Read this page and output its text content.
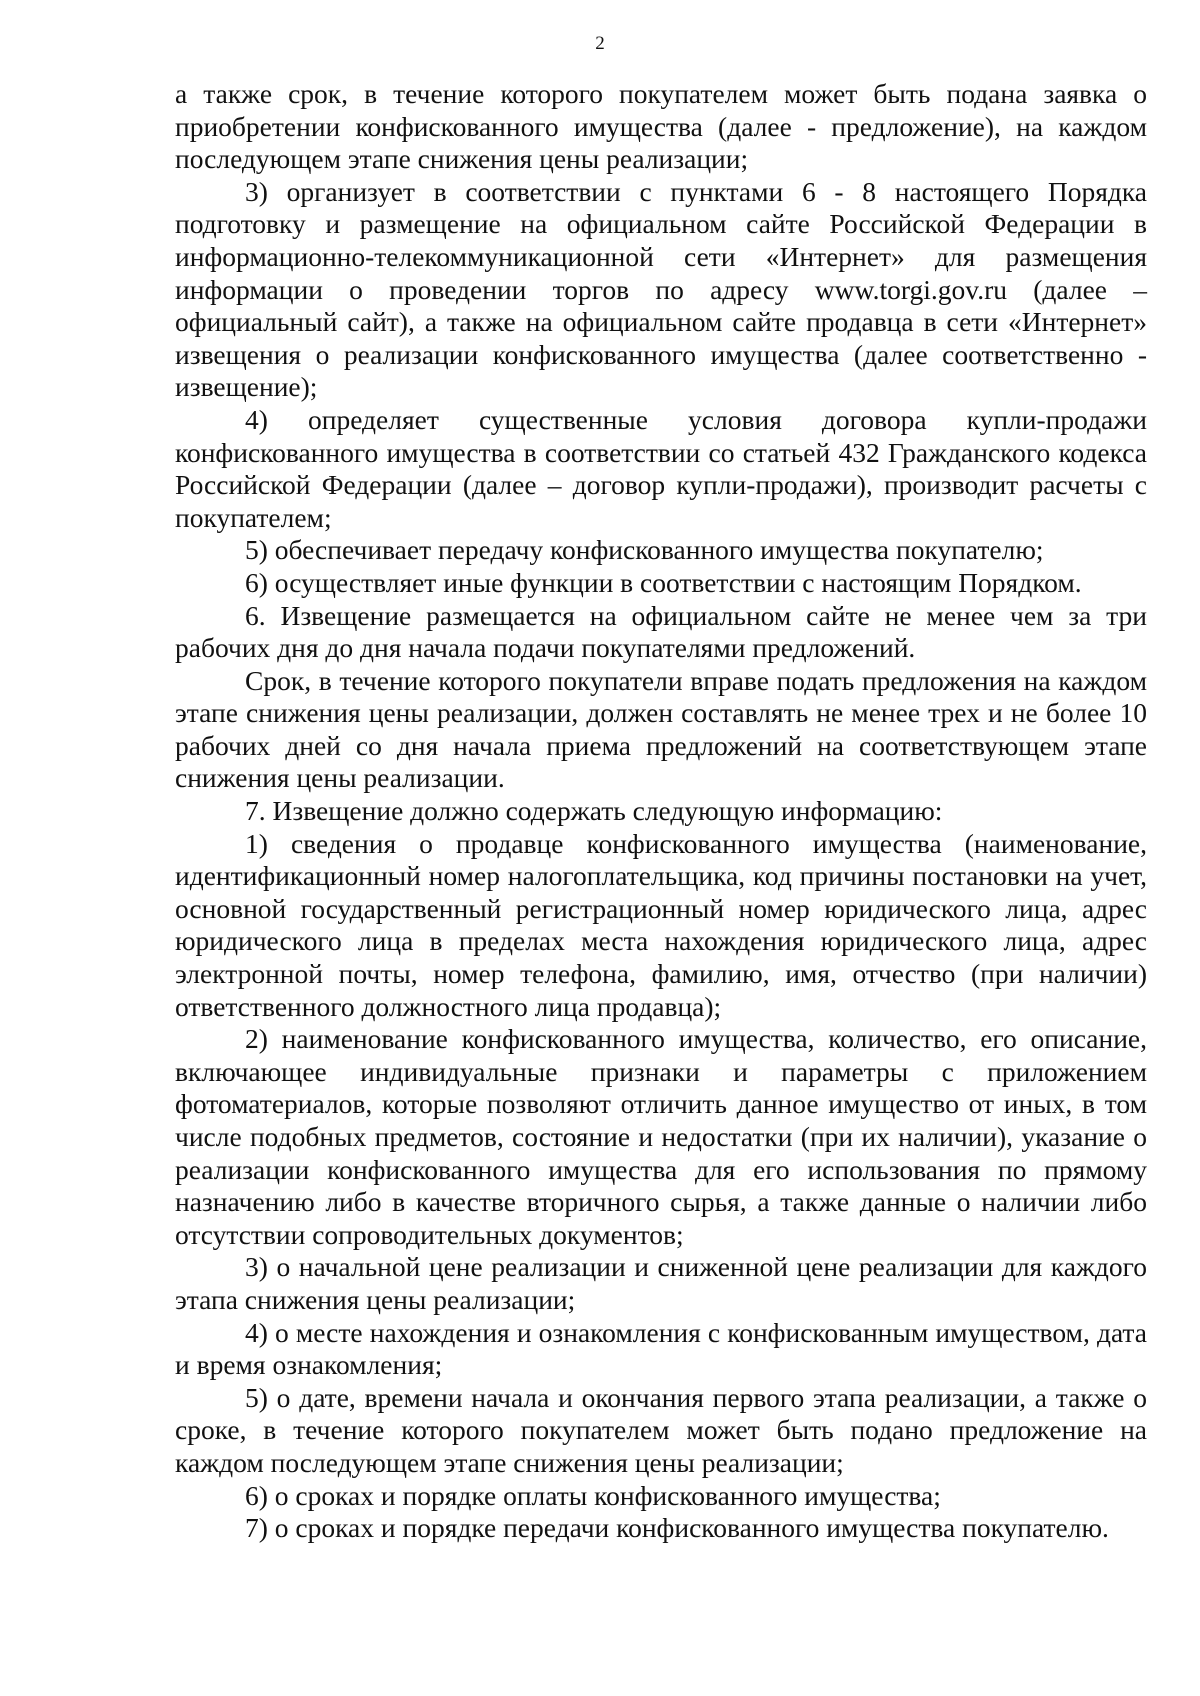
2

а также срок, в течение которого покупателем может быть подана заявка о приобретении конфискованного имущества (далее - предложение), на каждом последующем этапе снижения цены реализации;

3) организует в соответствии с пунктами 6 - 8 настоящего Порядка подготовку и размещение на официальном сайте Российской Федерации в информационно-телекоммуникационной сети «Интернет» для размещения информации о проведении торгов по адресу www.torgi.gov.ru (далее – официальный сайт), а также на официальном сайте продавца в сети «Интернет» извещения о реализации конфискованного имущества (далее соответственно - извещение);

4) определяет существенные условия договора купли-продажи конфискованного имущества в соответствии со статьей 432 Гражданского кодекса Российской Федерации (далее – договор купли-продажи), производит расчеты с покупателем;

5) обеспечивает передачу конфискованного имущества покупателю;

6) осуществляет иные функции в соответствии с настоящим Порядком.

6. Извещение размещается на официальном сайте не менее чем за три рабочих дня до дня начала подачи покупателями предложений.

Срок, в течение которого покупатели вправе подать предложения на каждом этапе снижения цены реализации, должен составлять не менее трех и не более 10 рабочих дней со дня начала приема предложений на соответствующем этапе снижения цены реализации.

7. Извещение должно содержать следующую информацию:

1) сведения о продавце конфискованного имущества (наименование, идентификационный номер налогоплательщика, код причины постановки на учет, основной государственный регистрационный номер юридического лица, адрес юридического лица в пределах места нахождения юридического лица, адрес электронной почты, номер телефона, фамилию, имя, отчество (при наличии) ответственного должностного лица продавца);

2) наименование конфискованного имущества, количество, его описание, включающее индивидуальные признаки и параметры с приложением фотоматериалов, которые позволяют отличить данное имущество от иных, в том числе подобных предметов, состояние и недостатки (при их наличии), указание о реализации конфискованного имущества для его использования по прямому назначению либо в качестве вторичного сырья, а также данные о наличии либо отсутствии сопроводительных документов;

3) о начальной цене реализации и сниженной цене реализации для каждого этапа снижения цены реализации;

4) о месте нахождения и ознакомления с конфискованным имуществом, дата и время ознакомления;

5) о дате, времени начала и окончания первого этапа реализации, а также о сроке, в течение которого покупателем может быть подано предложение на каждом последующем этапе снижения цены реализации;

6) о сроках и порядке оплаты конфискованного имущества;

7) о сроках и порядке передачи конфискованного имущества покупателю.
